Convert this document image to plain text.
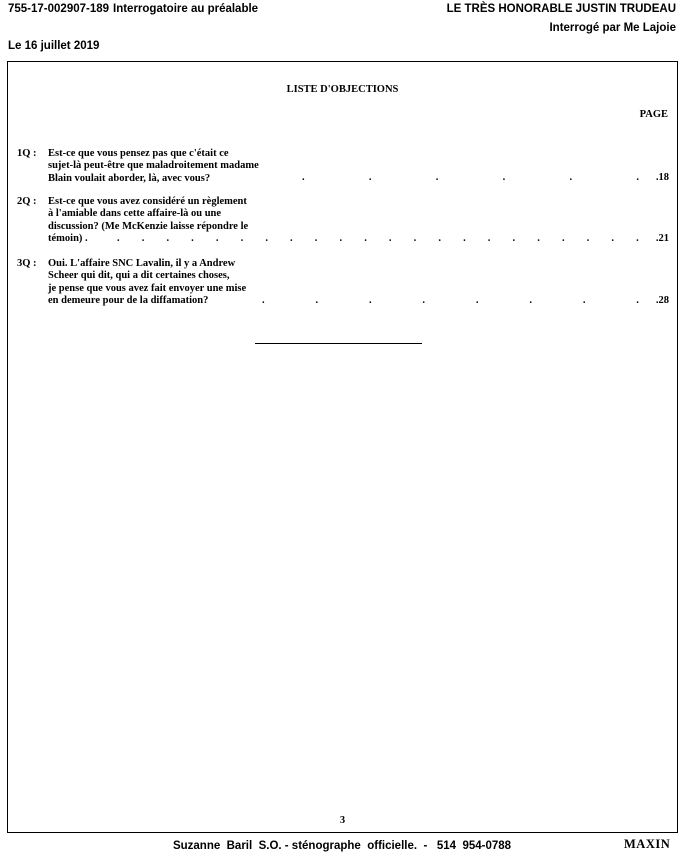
755-17-002907-189 Interrogatoire au préalable
Le 16 juillet 2019
LE TRÈS HONORABLE JUSTIN TRUDEAU
Interrogé par Me Lajoie
LISTE D'OBJECTIONS
PAGE
1Q :	Est-ce que vous pensez pas que c'était ce
sujet-là peut-être que maladroitement madame
Blain voulait aborder, là, avec vous?	.	.	.	.	.	. .18
2Q :	Est-ce que vous avez considéré un règlement
à l'amiable dans cette affaire-là ou une
discussion? (Me McKenzie laisse répondre le
témoin) .	. . . . . . . . . . . . . . . . . . . . . . .21
3Q :	Oui. L'affaire SNC Lavalin, il y a Andrew
Scheer qui dit, qui a dit certaines choses,
je pense que vous avez fait envoyer une mise
en demeure pour de la diffamation?	.	.	.	.	.	.	.	. .28
3
Suzanne  Baril  S.O. - sténographe  officielle.  -   514  954-0788	MAXIN
